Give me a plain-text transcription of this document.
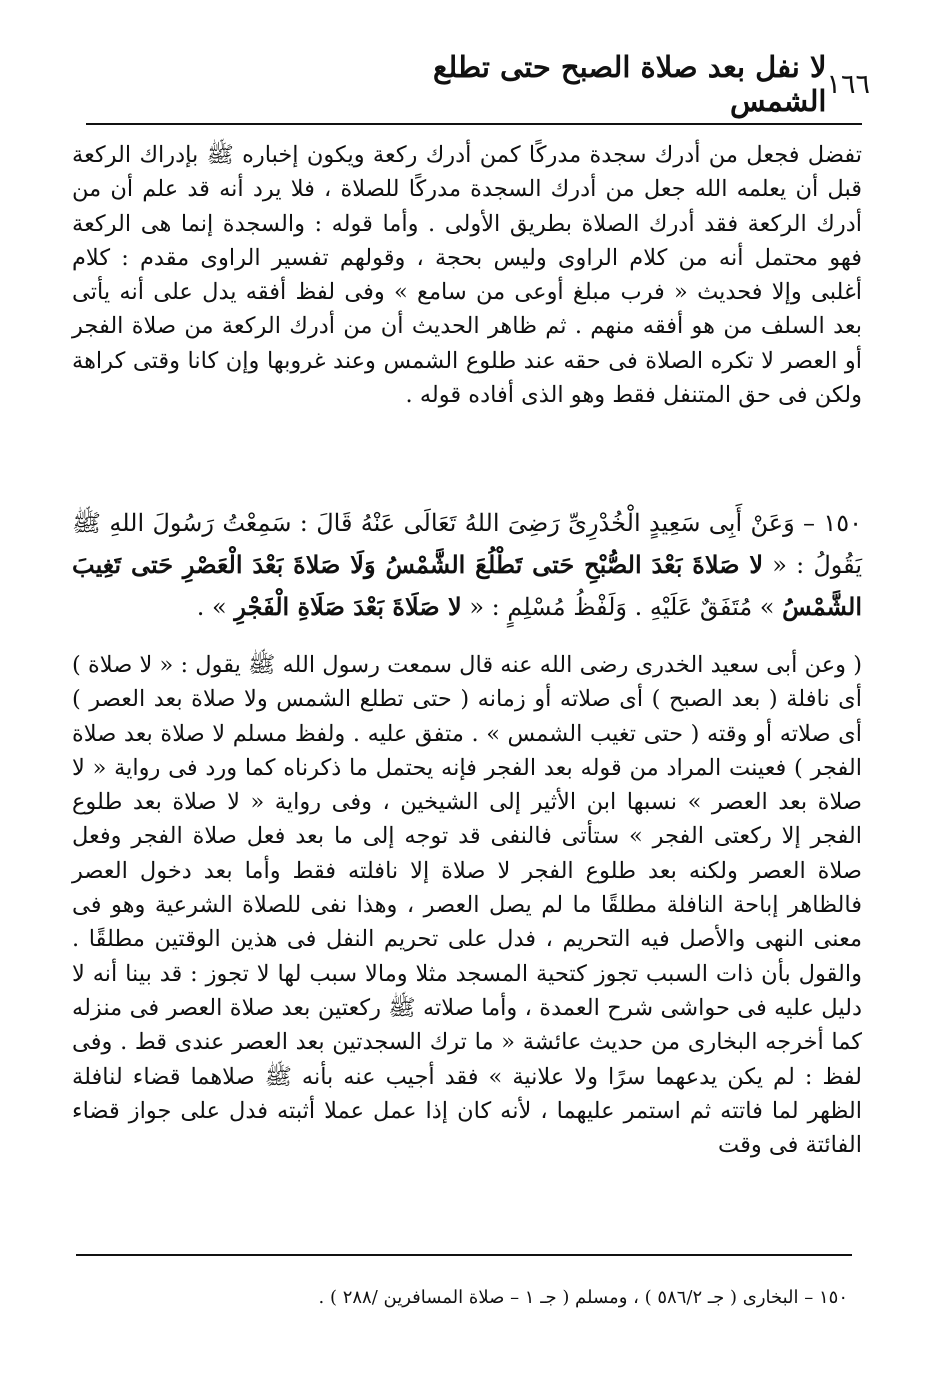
١٦٦
لا نفل بعد صلاة الصبح حتى تطلع الشمس
تفضل فجعل من أدرك سجدة مدركًا كمن أدرك ركعة ويكون إخباره ﷺ بإدراك الركعة قبل أن يعلمه الله جعل من أدرك السجدة مدركًا للصلاة ، فلا يرد أنه قد علم أن من أدرك الركعة فقد أدرك الصلاة بطريق الأولى . وأما قوله : والسجدة إنما هى الركعة فهو محتمل أنه من كلام الراوى وليس بحجة ، وقولهم تفسير الراوى مقدم : كلام أغلبى وإلا فحديث « فرب مبلغ أوعى من سامع » وفى لفظ أفقه يدل على أنه يأتى بعد السلف من هو أفقه منهم . ثم ظاهر الحديث أن من أدرك الركعة من صلاة الفجر أو العصر لا تكره الصلاة فى حقه عند طلوع الشمس وعند غروبها وإن كانا وقتى كراهة ولكن فى حق المتنفل فقط وهو الذى أفاده قوله .
١٥٠ – وَعَنْ أَبِى سَعِيدٍ الْخُدْرِىِّ رَضِىَ اللهُ تَعَالَى عَنْهُ قَالَ : سَمِعْتُ رَسُولَ اللهِ ﷺ يَقُولُ : « لا صَلاةَ بَعْدَ الصُّبْحِ حَتى تَطْلُعَ الشَّمْسُ وَلَا صَلاةَ بَعْدَ الْعَصْرِ حَتى تَغِيبَ الشَّمْسُ » مُتَفَقٌ عَلَيْهِ . وَلَفْظُ مُسْلِمٍ : « لا صَلَاةَ بَعْدَ صَلَاةِ الْفَجْرِ » .
( وعن أبى سعيد الخدرى رضى الله عنه قال سمعت رسول الله ﷺ يقول : « لا صلاة ) أى نافلة ( بعد الصبح ) أى صلاته أو زمانه ( حتى تطلع الشمس ولا صلاة بعد العصر ) أى صلاته أو وقته ( حتى تغيب الشمس » . متفق عليه . ولفظ مسلم لا صلاة بعد صلاة الفجر ) فعينت المراد من قوله بعد الفجر فإنه يحتمل ما ذكرناه كما ورد فى رواية « لا صلاة بعد العصر » نسبها ابن الأثير إلى الشيخين ، وفى رواية « لا صلاة بعد طلوع الفجر إلا ركعتى الفجر » ستأتى فالنفى قد توجه إلى ما بعد فعل صلاة الفجر وفعل صلاة العصر ولكنه بعد طلوع الفجر لا صلاة إلا نافلته فقط وأما بعد دخول العصر فالظاهر إباحة النافلة مطلقًا ما لم يصل العصر ، وهذا نفى للصلاة الشرعية وهو فى معنى النهى والأصل فيه التحريم ، فدل على تحريم النفل فى هذين الوقتين مطلقًا . والقول بأن ذات السبب تجوز كتحية المسجد مثلا ومالا سبب لها لا تجوز : قد بينا أنه لا دليل عليه فى حواشى شرح العمدة ، وأما صلاته ﷺ ركعتين بعد صلاة العصر فى منزله كما أخرجه البخارى من حديث عائشة « ما ترك السجدتين بعد العصر عندى قط . وفى لفظ : لم يكن يدعهما سرًا ولا علانية » فقد أجيب عنه بأنه ﷺ صلاهما قضاء لنافلة الظهر لما فاتته ثم استمر عليهما ، لأنه كان إذا عمل عملا أثبته فدل على جواز قضاء الفائتة فى وقت
١٥٠ – البخارى ( جـ ٥٨٦/٢ ) ، ومسلم ( جـ ١ – صلاة المسافرين /٢٨٨ ) .
